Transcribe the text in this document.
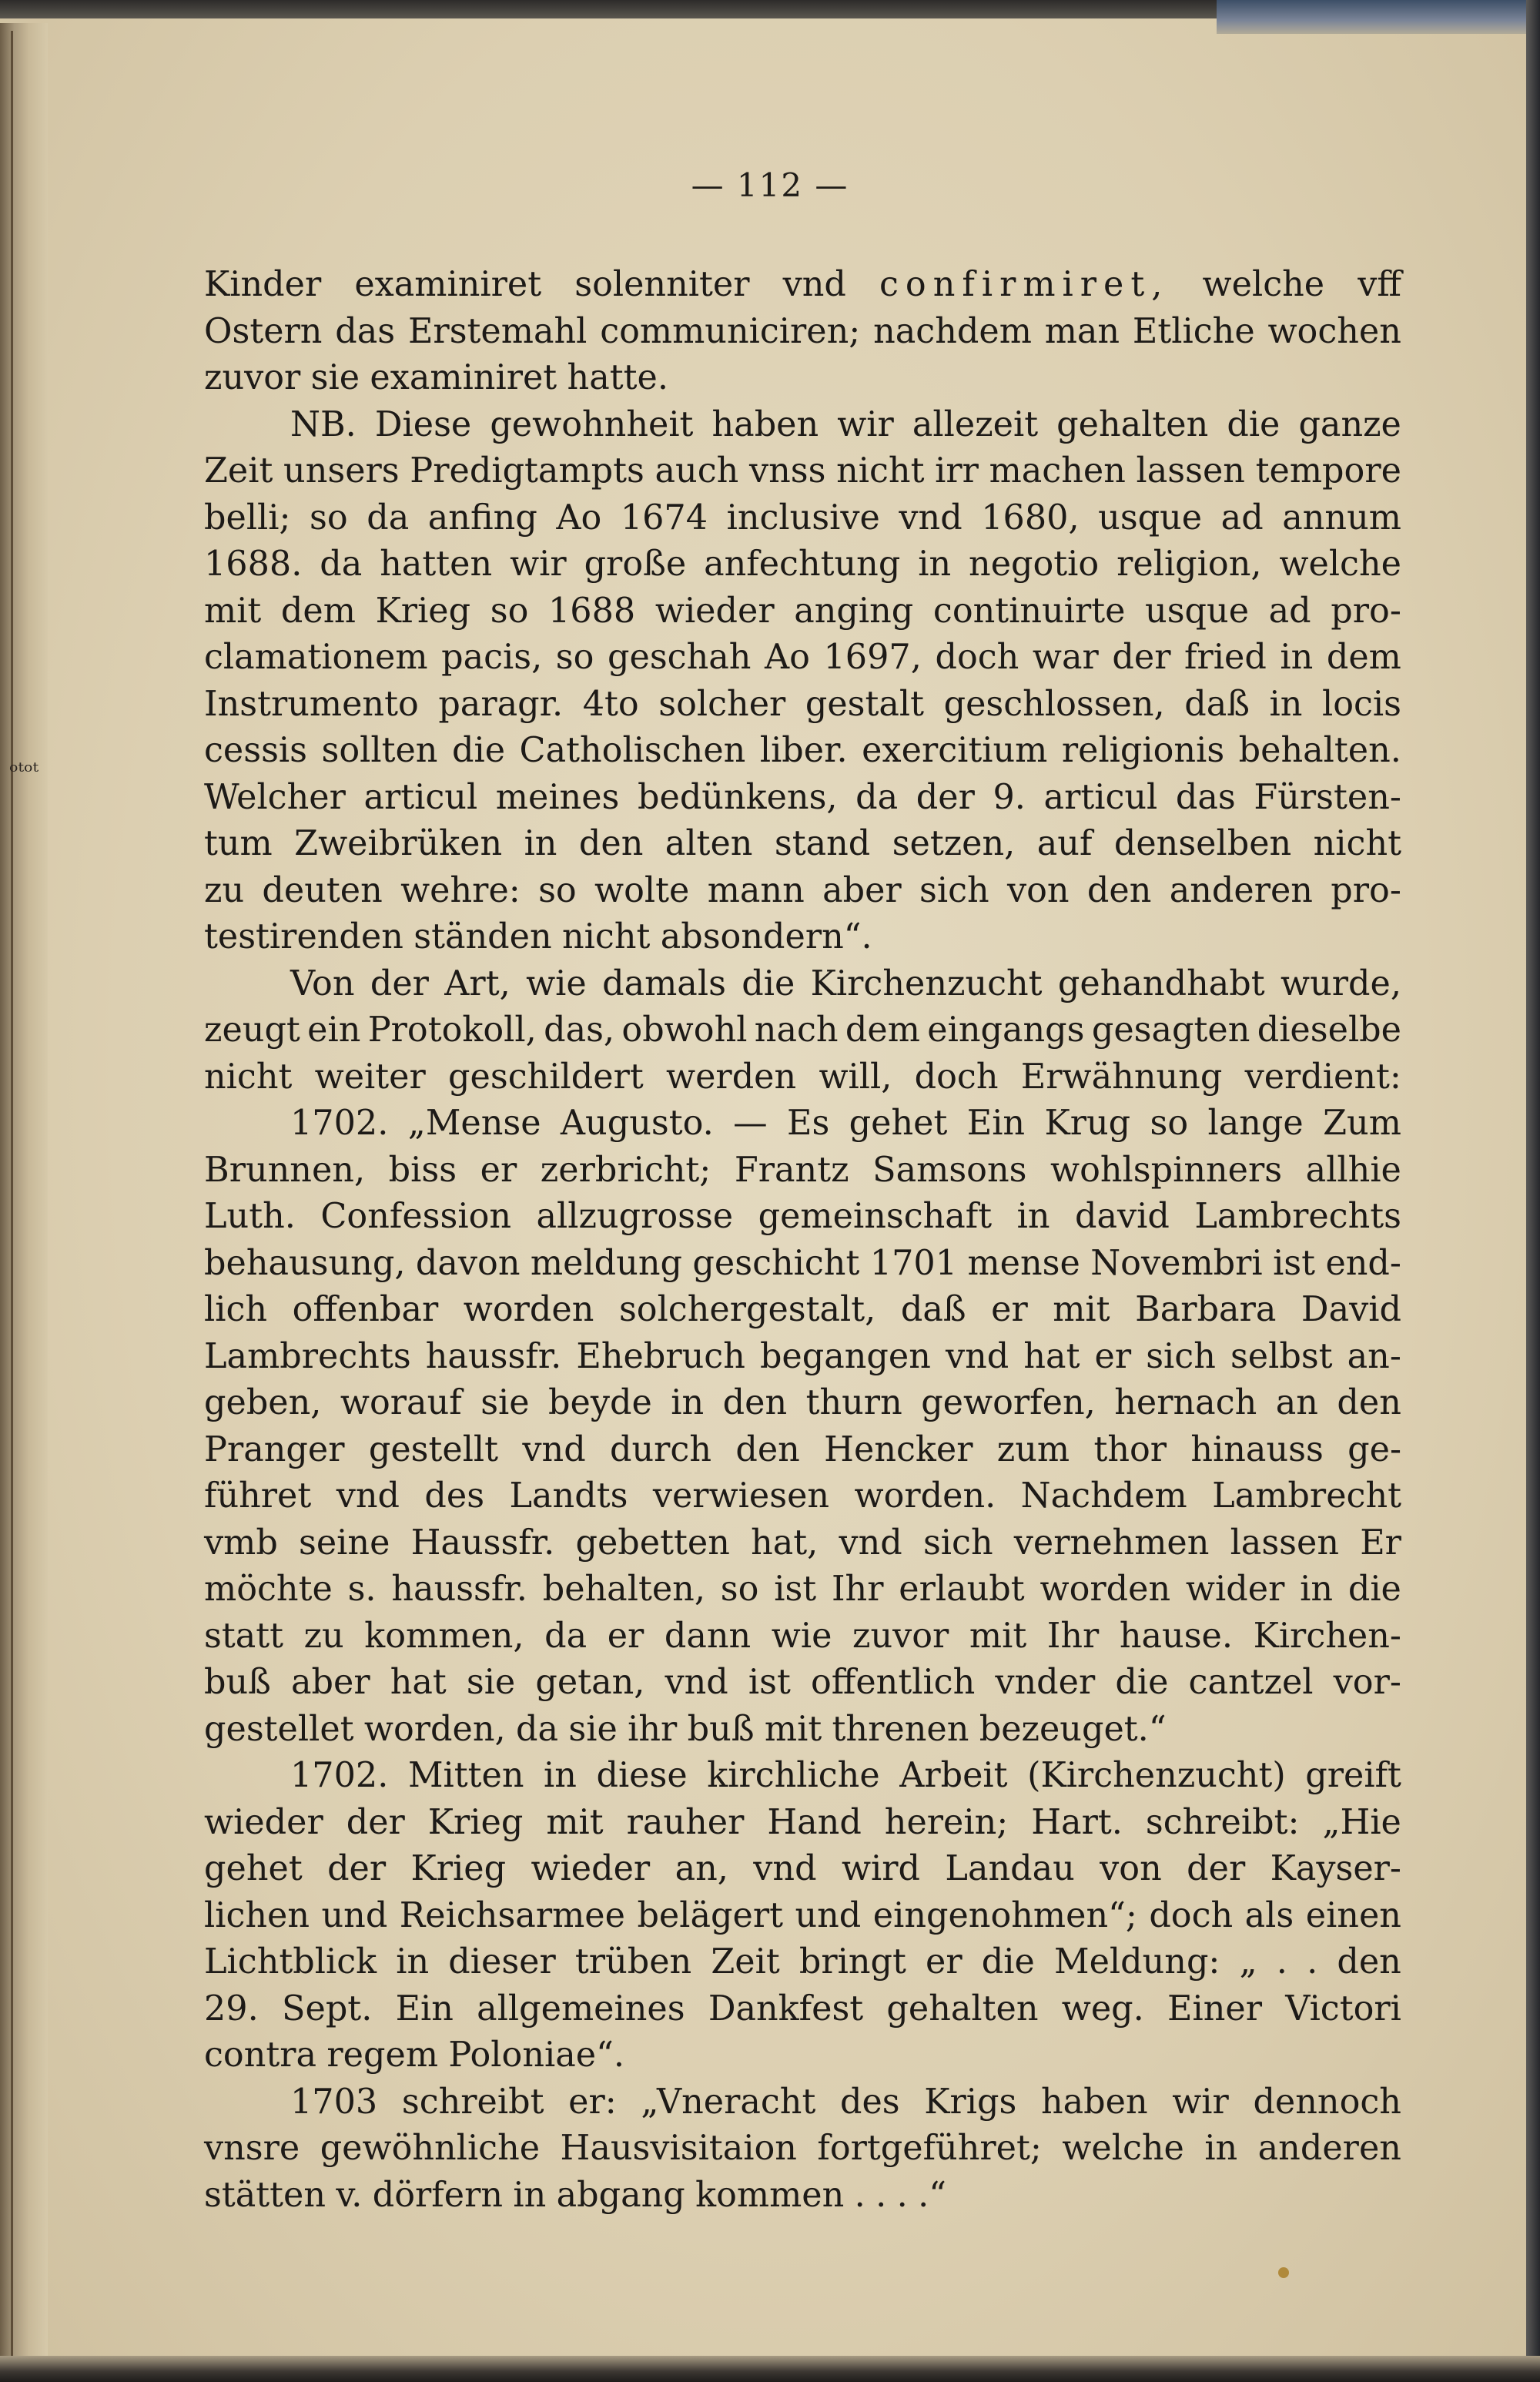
ᵒᵗᵒᵗ
— 112 —
Kinder examiniret solenniter vnd confirmiret, welche vff
Ostern das Erstemahl communiciren; nachdem man Etliche wochen
zuvor sie examiniret hatte.
NB. Diese gewohnheit haben wir allezeit gehalten die ganze
Zeit unsers Predigtampts auch vnss nicht irr machen lassen tempore
belli; so da anfing Ao 1674 inclusive vnd 1680, usque ad annum
1688. da hatten wir große anfechtung in negotio religion, welche
mit dem Krieg so 1688 wieder anging continuirte usque ad pro-
clamationem pacis, so geschah Ao 1697, doch war der fried in dem
Instrumento paragr. 4to solcher gestalt geschlossen, daß in locis
cessis sollten die Catholischen liber. exercitium religionis behalten.
Welcher articul meines bedünkens, da der 9. articul das Fürsten-
tum Zweibrüken in den alten stand setzen, auf denselben nicht
zu deuten wehre: so wolte mann aber sich von den anderen pro-
testirenden ständen nicht absondern“.
Von der Art, wie damals die Kirchenzucht gehandhabt wurde,
zeugt ein Protokoll, das, obwohl nach dem eingangs gesagten dieselbe
nicht weiter geschildert werden will, doch Erwähnung verdient:
1702. „Mense Augusto. — Es gehet Ein Krug so lange Zum
Brunnen, biss er zerbricht; Frantz Samsons wohlspinners allhie
Luth. Confession allzugrosse gemeinschaft in david Lambrechts
behausung, davon meldung geschicht 1701 mense Novembri ist end-
lich offenbar worden solchergestalt, daß er mit Barbara David
Lambrechts haussfr. Ehebruch begangen vnd hat er sich selbst an-
geben, worauf sie beyde in den thurn geworfen, hernach an den
Pranger gestellt vnd durch den Hencker zum thor hinauss ge-
führet vnd des Landts verwiesen worden. Nachdem Lambrecht
vmb seine Haussfr. gebetten hat, vnd sich vernehmen lassen Er
möchte s. haussfr. behalten, so ist Ihr erlaubt worden wider in die
statt zu kommen, da er dann wie zuvor mit Ihr hause. Kirchen-
buß aber hat sie getan, vnd ist offentlich vnder die cantzel vor-
gestellet worden, da sie ihr buß mit threnen bezeuget.“
1702. Mitten in diese kirchliche Arbeit (Kirchenzucht) greift
wieder der Krieg mit rauher Hand herein; Hart. schreibt: „Hie
gehet der Krieg wieder an, vnd wird Landau von der Kayser-
lichen und Reichsarmee belägert und eingenohmen“; doch als einen
Lichtblick in dieser trüben Zeit bringt er die Meldung: „ . . den
29. Sept. Ein allgemeines Dankfest gehalten weg. Einer Victori
contra regem Poloniae“.
1703 schreibt er: „Vneracht des Krigs haben wir dennoch
vnsre gewöhnliche Hausvisitaion fortgeführet; welche in anderen
stätten v. dörfern in abgang kommen . . . .“
